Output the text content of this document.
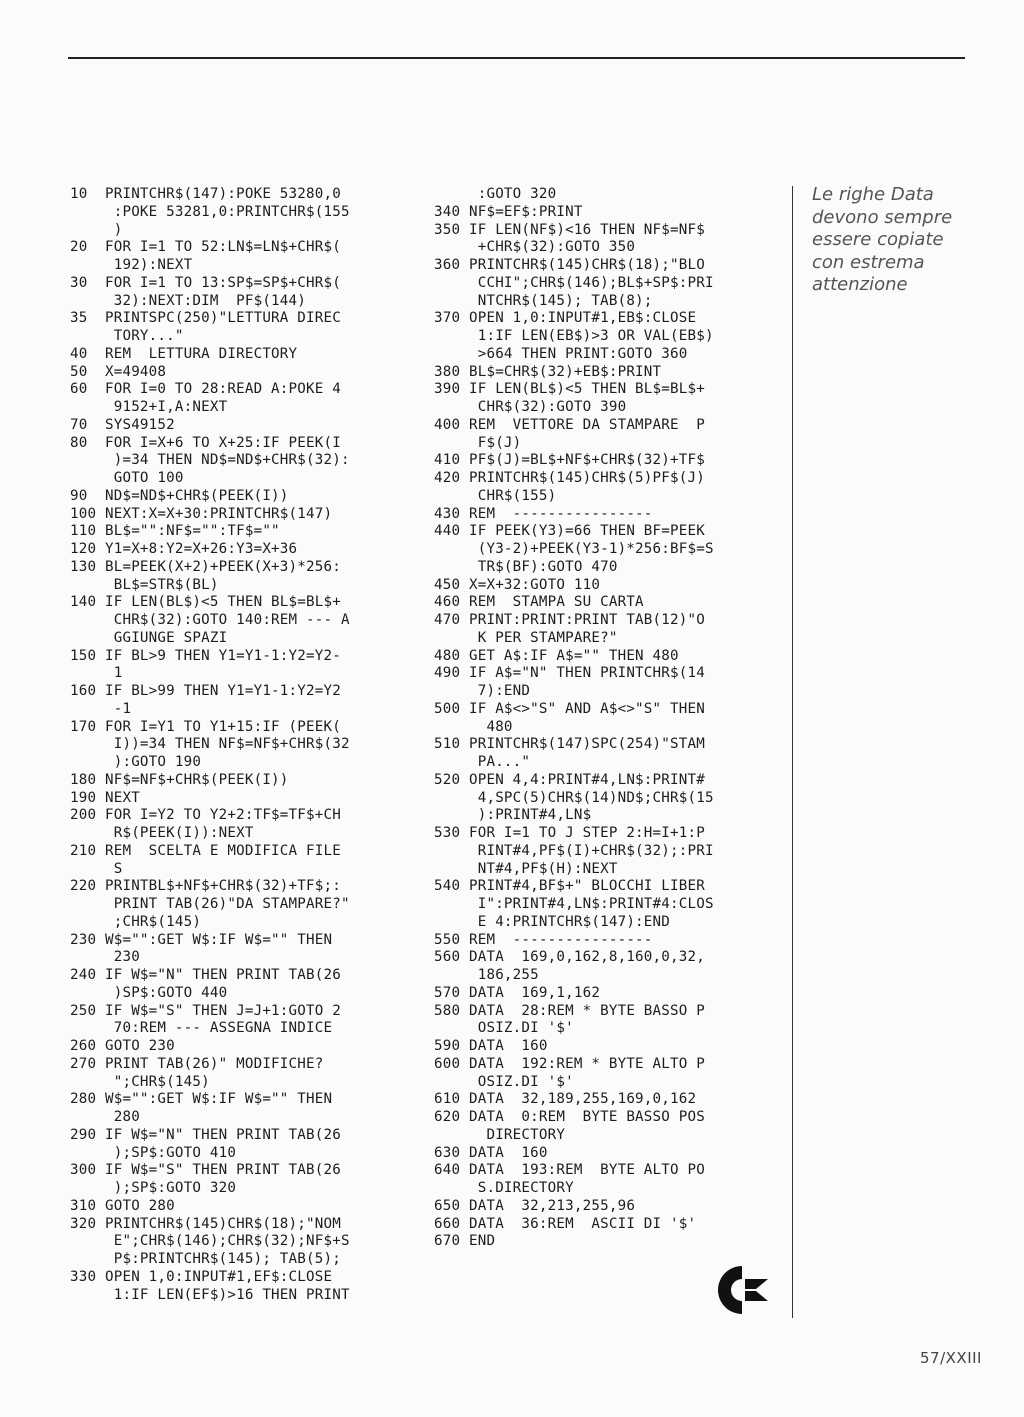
10  PRINTCHR$(147):POKE 53280,0
:POKE 53281,0:PRINTCHR$(155
)
20  FOR I=1 TO 52:LN$=LN$+CHR$(
192):NEXT
30  FOR I=1 TO 13:SP$=SP$+CHR$(
32):NEXT:DIM  PF$(144)
35  PRINTSPC(250)"LETTURA DIREC
TORY..."
40  REM  LETTURA DIRECTORY
50  X=49408
60  FOR I=0 TO 28:READ A:POKE 4
9152+I,A:NEXT
70  SYS49152
80  FOR I=X+6 TO X+25:IF PEEK(I
)=34 THEN ND$=ND$+CHR$(32):
GOTO 100
90  ND$=ND$+CHR$(PEEK(I))
100 NEXT:X=X+30:PRINTCHR$(147)
110 BL$="":NF$="":TF$=""
120 Y1=X+8:Y2=X+26:Y3=X+36
130 BL=PEEK(X+2)+PEEK(X+3)*256:
BL$=STR$(BL)
140 IF LEN(BL$)<5 THEN BL$=BL$+
CHR$(32):GOTO 140:REM --- A
GGIUNGE SPAZI
150 IF BL>9 THEN Y1=Y1-1:Y2=Y2-
1
160 IF BL>99 THEN Y1=Y1-1:Y2=Y2
-1
170 FOR I=Y1 TO Y1+15:IF (PEEK(
I))=34 THEN NF$=NF$+CHR$(32
):GOTO 190
180 NF$=NF$+CHR$(PEEK(I))
190 NEXT
200 FOR I=Y2 TO Y2+2:TF$=TF$+CH
R$(PEEK(I)):NEXT
210 REM  SCELTA E MODIFICA FILE
S
220 PRINTBL$+NF$+CHR$(32)+TF$;:
PRINT TAB(26)"DA STAMPARE?"
;CHR$(145)
230 W$="":GET W$:IF W$="" THEN
230
240 IF W$="N" THEN PRINT TAB(26
)SP$:GOTO 440
250 IF W$="S" THEN J=J+1:GOTO 2
70:REM --- ASSEGNA INDICE
260 GOTO 230
270 PRINT TAB(26)" MODIFICHE?
";CHR$(145)
280 W$="":GET W$:IF W$="" THEN
280
290 IF W$="N" THEN PRINT TAB(26
);SP$:GOTO 410
300 IF W$="S" THEN PRINT TAB(26
);SP$:GOTO 320
310 GOTO 280
320 PRINTCHR$(145)CHR$(18);"NOM
E";CHR$(146);CHR$(32);NF$+S
P$:PRINTCHR$(145); TAB(5);
330 OPEN 1,0:INPUT#1,EF$:CLOSE
1:IF LEN(EF$)>16 THEN PRINT
:GOTO 320
340 NF$=EF$:PRINT
350 IF LEN(NF$)<16 THEN NF$=NF$
+CHR$(32):GOTO 350
360 PRINTCHR$(145)CHR$(18);"BLO
CCHI";CHR$(146);BL$+SP$:PRI
NTCHR$(145); TAB(8);
370 OPEN 1,0:INPUT#1,EB$:CLOSE
1:IF LEN(EB$)>3 OR VAL(EB$)
>664 THEN PRINT:GOTO 360
380 BL$=CHR$(32)+EB$:PRINT
390 IF LEN(BL$)<5 THEN BL$=BL$+
CHR$(32):GOTO 390
400 REM  VETTORE DA STAMPARE  P
F$(J)
410 PF$(J)=BL$+NF$+CHR$(32)+TF$
420 PRINTCHR$(145)CHR$(5)PF$(J)
CHR$(155)
430 REM  ----------------
440 IF PEEK(Y3)=66 THEN BF=PEEK
(Y3-2)+PEEK(Y3-1)*256:BF$=S
TR$(BF):GOTO 470
450 X=X+32:GOTO 110
460 REM  STAMPA SU CARTA
470 PRINT:PRINT:PRINT TAB(12)"O
K PER STAMPARE?"
480 GET A$:IF A$="" THEN 480
490 IF A$="N" THEN PRINTCHR$(14
7):END
500 IF A$<>"S" AND A$<>"S" THEN
480
510 PRINTCHR$(147)SPC(254)"STAM
PA..."
520 OPEN 4,4:PRINT#4,LN$:PRINT#
4,SPC(5)CHR$(14)ND$;CHR$(15
):PRINT#4,LN$
530 FOR I=1 TO J STEP 2:H=I+1:P
RINT#4,PF$(I)+CHR$(32);:PRI
NT#4,PF$(H):NEXT
540 PRINT#4,BF$+" BLOCCHI LIBER
I":PRINT#4,LN$:PRINT#4:CLOS
E 4:PRINTCHR$(147):END
550 REM  ----------------
560 DATA  169,0,162,8,160,0,32,
186,255
570 DATA  169,1,162
580 DATA  28:REM * BYTE BASSO P
OSIZ.DI '$'
590 DATA  160
600 DATA  192:REM * BYTE ALTO P
OSIZ.DI '$'
610 DATA  32,189,255,169,0,162
620 DATA  0:REM  BYTE BASSO POS
DIRECTORY
630 DATA  160
640 DATA  193:REM  BYTE ALTO PO
S.DIRECTORY
650 DATA  32,213,255,96
660 DATA  36:REM  ASCII DI '$'
670 END
Le righe Data
devono sempre
essere copiate
con estrema
attenzione
57/XXIII
